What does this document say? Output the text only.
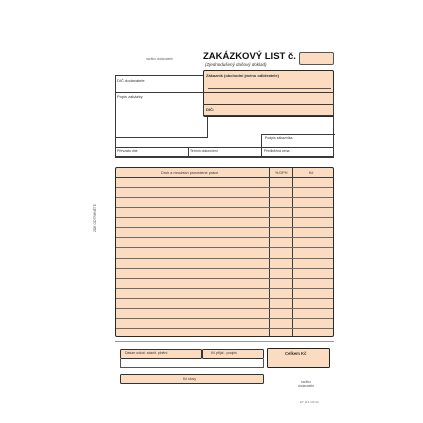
ZDE ODTRHNĚTE
razítko dodavatele	ZAKÁZKOVÝ LIST č.
(Zjednodušený daňový doklad)
DIČ dodavatele
Zákazník (obchodní jméno odběratele)
DIČ:
Popis zakázky
Podpis zákazníka
Převzato dne	Termín dokončení	Předběžná cena
Druh a množství provedené práce	% DPH	Kč
Datum uskut. zdanit. plnění	Kč přijal - podpis	Celkem Kč
Kč slovy
razítko dodavatele
ET 114 OP 40
